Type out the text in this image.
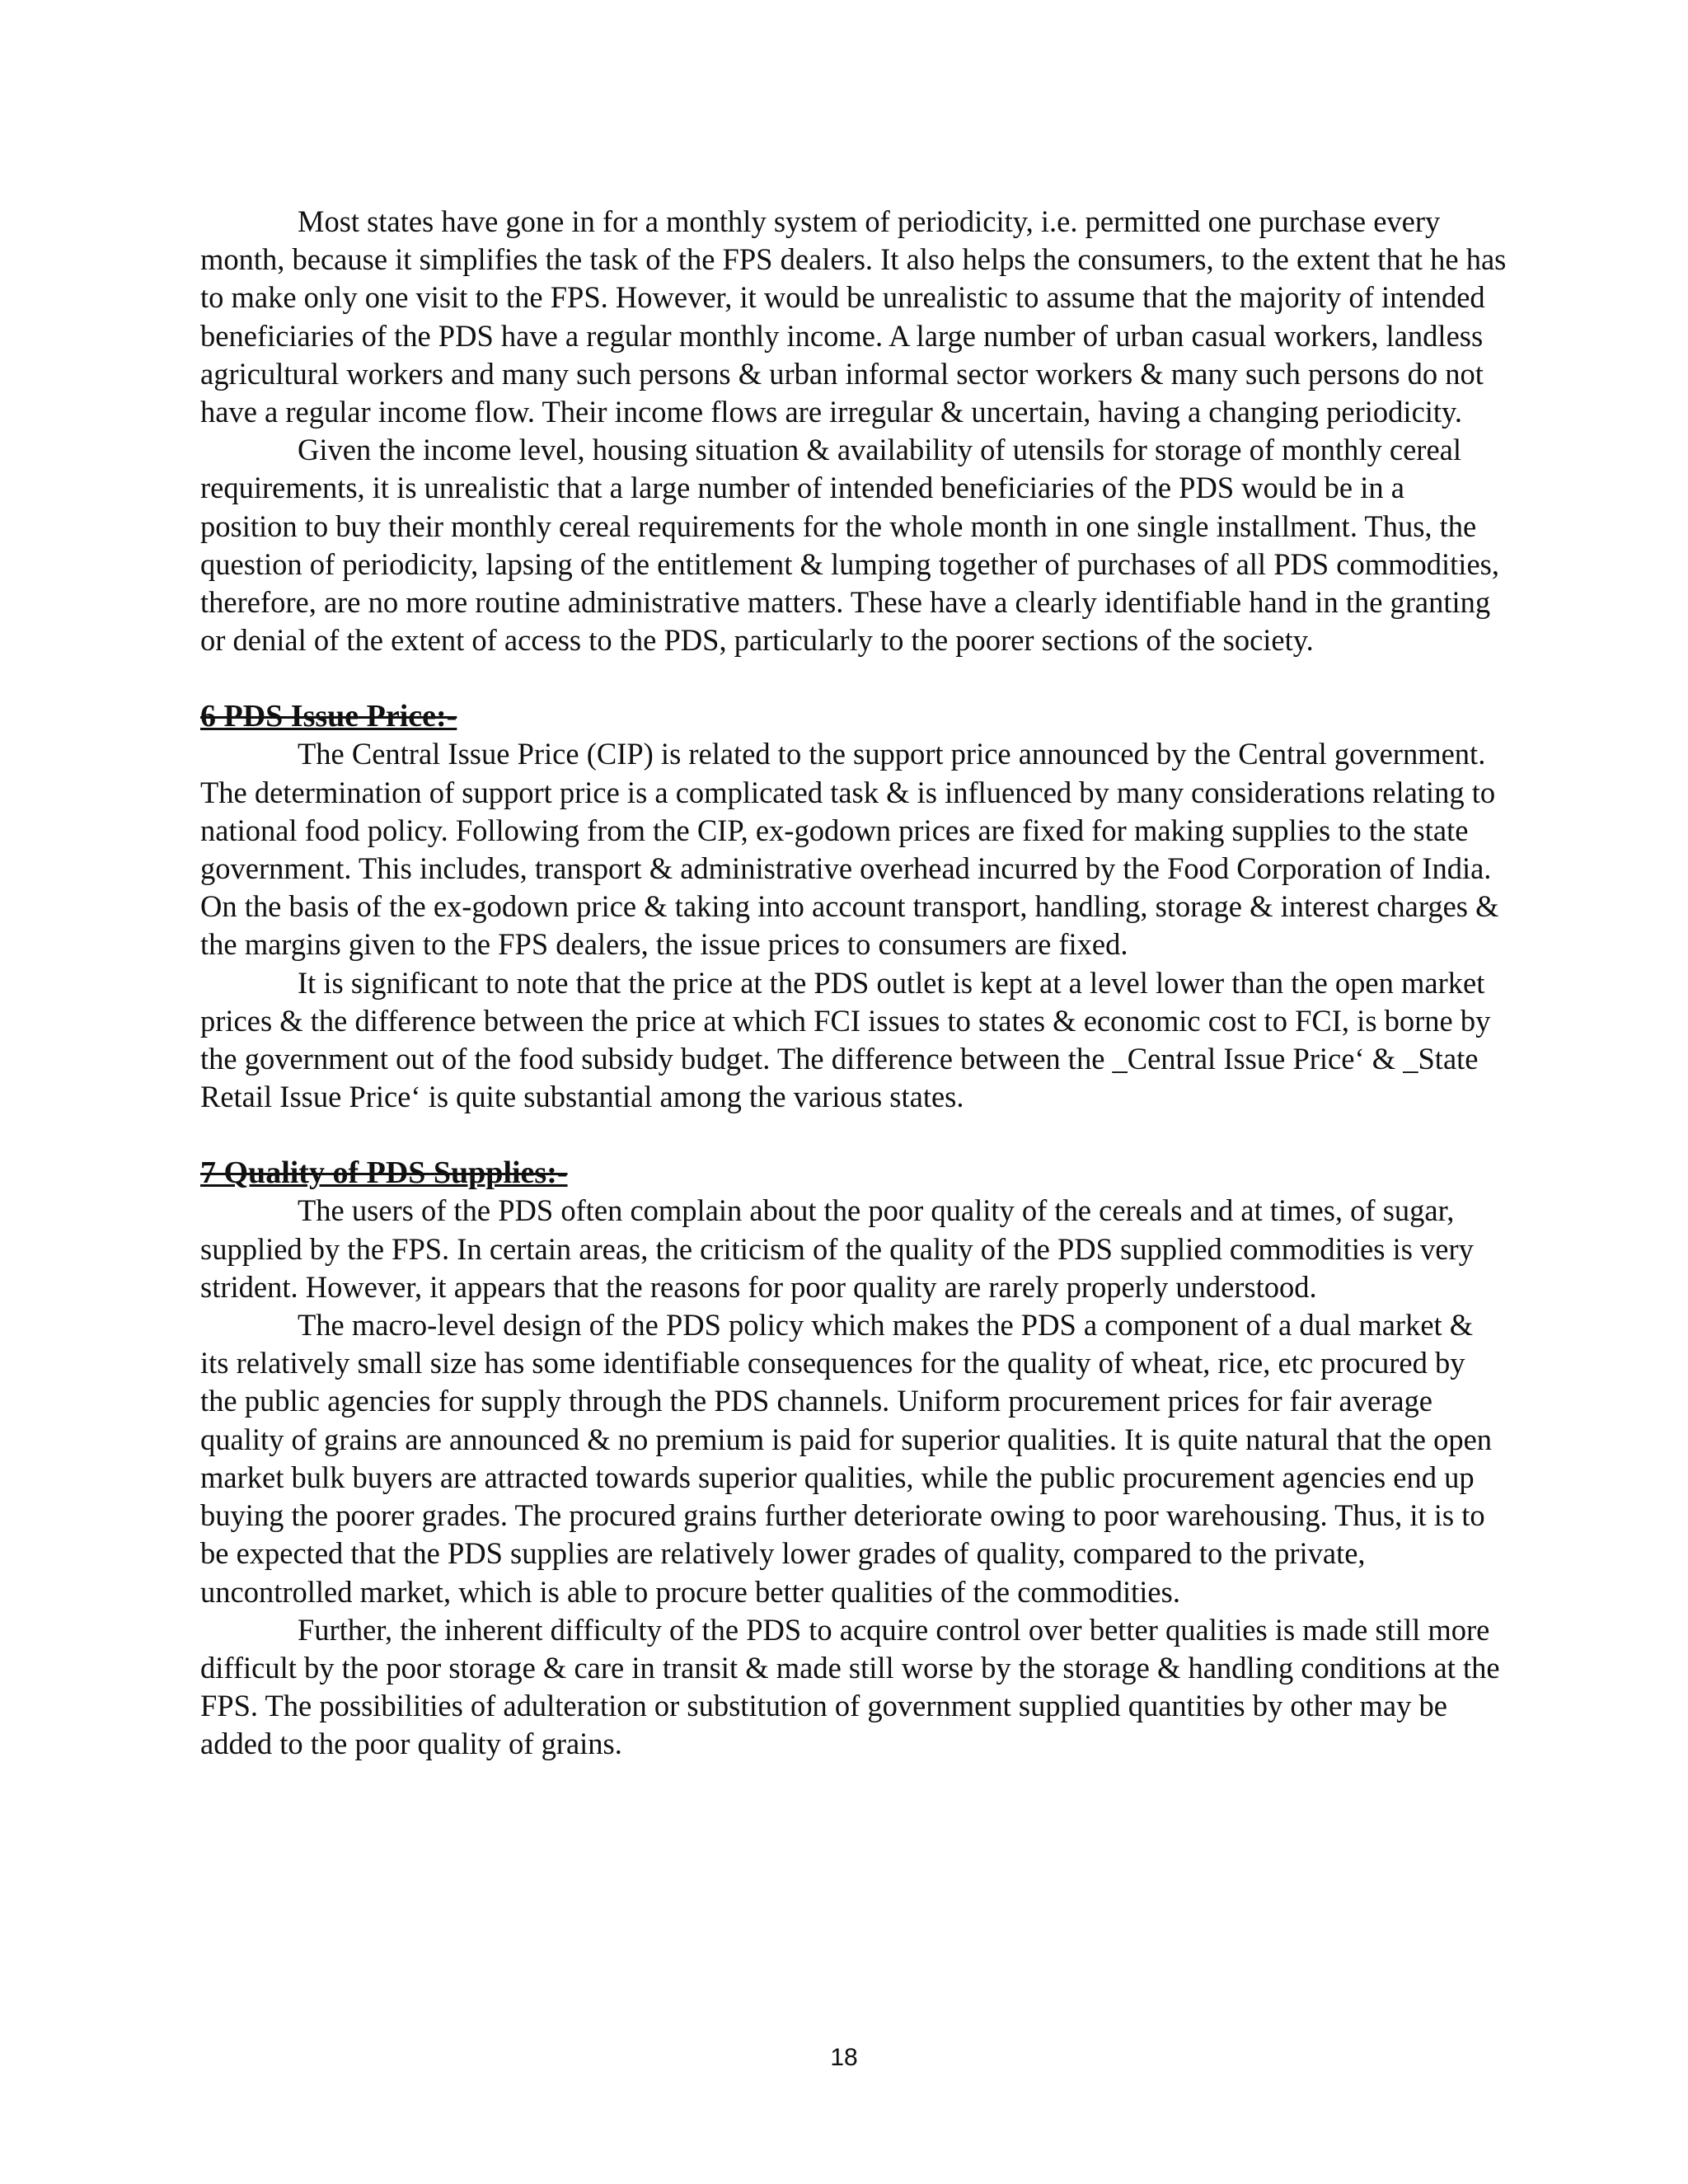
Most states have gone in for a monthly system of periodicity, i.e. permitted one purchase every month, because it simplifies the task of the FPS dealers. It also helps the consumers, to the extent that he has to make only one visit to the FPS. However, it would be unrealistic to assume that the majority of intended beneficiaries of the PDS have a regular monthly income. A large number of urban casual workers, landless agricultural workers and many such persons & urban informal sector workers & many such persons do not have a regular income flow. Their income flows are irregular & uncertain, having a changing periodicity.

Given the income level, housing situation & availability of utensils for storage of monthly cereal requirements, it is unrealistic that a large number of intended beneficiaries of the PDS would be in a position to buy their monthly cereal requirements for the whole month in one single installment. Thus, the question of periodicity, lapsing of the entitlement & lumping together of purchases of all PDS commodities, therefore, are no more routine administrative matters. These have a clearly identifiable hand in the granting or denial of the extent of access to the PDS, particularly to the poorer sections of the society.

6 PDS Issue Price:-

The Central Issue Price (CIP) is related to the support price announced by the Central government. The determination of support price is a complicated task & is influenced by many considerations relating to national food policy. Following from the CIP, ex-godown prices are fixed for making supplies to the state government. This includes, transport & administrative overhead incurred by the Food Corporation of India. On the basis of the ex-godown price & taking into account transport, handling, storage & interest charges & the margins given to the FPS dealers, the issue prices to consumers are fixed.

It is significant to note that the price at the PDS outlet is kept at a level lower than the open market prices & the difference between the price at which FCI issues to states & economic cost to FCI, is borne by the government out of the food subsidy budget. The difference between the _Central Issue Price‘ & _State Retail Issue Price‘ is quite substantial among the various states.

7 Quality of PDS Supplies:-

The users of the PDS often complain about the poor quality of the cereals and at times, of sugar, supplied by the FPS. In certain areas, the criticism of the quality of the PDS supplied commodities is very strident. However, it appears that the reasons for poor quality are rarely properly understood.

The macro-level design of the PDS policy which makes the PDS a component of a dual market & its relatively small size has some identifiable consequences for the quality of wheat, rice, etc procured by the public agencies for supply through the PDS channels. Uniform procurement prices for fair average quality of grains are announced & no premium is paid for superior qualities. It is quite natural that the open market bulk buyers are attracted towards superior qualities, while the public procurement agencies end up buying the poorer grades. The procured grains further deteriorate owing to poor warehousing. Thus, it is to be expected that the PDS supplies are relatively lower grades of quality, compared to the private, uncontrolled market, which is able to procure better qualities of the commodities.

Further, the inherent difficulty of the PDS to acquire control over better qualities is made still more difficult by the poor storage & care in transit & made still worse by the storage & handling conditions at the FPS. The possibilities of adulteration or substitution of government supplied quantities by other may be added to the poor quality of grains.

18
